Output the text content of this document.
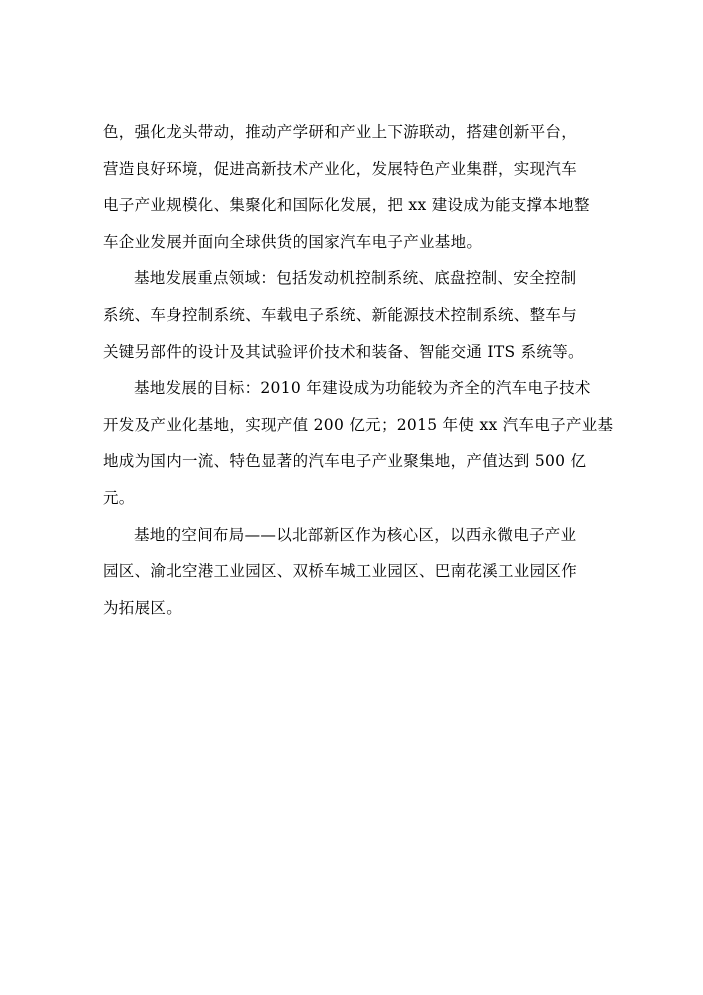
色，强化龙头带动，推动产学研和产业上下游联动，搭建创新平台，
营造良好环境，促进高新技术产业化，发展特色产业集群，实现汽车
电子产业规模化、集聚化和国际化发展，把 xx 建设成为能支撑本地整
车企业发展并面向全球供货的国家汽车电子产业基地。
基地发展重点领域：包括发动机控制系统、底盘控制、安全控制
系统、车身控制系统、车载电子系统、新能源技术控制系统、整车与
关键另部件的设计及其试验评价技术和装备、智能交通 ITS 系统等。
基地发展的目标：2010 年建设成为功能较为齐全的汽车电子技术
开发及产业化基地，实现产值 200 亿元；2015 年使 xx 汽车电子产业基
地成为国内一流、特色显著的汽车电子产业聚集地，产值达到 500 亿
元。
基地的空间布局——以北部新区作为核心区，以西永微电子产业
园区、渝北空港工业园区、双桥车城工业园区、巴南花溪工业园区作
为拓展区。
